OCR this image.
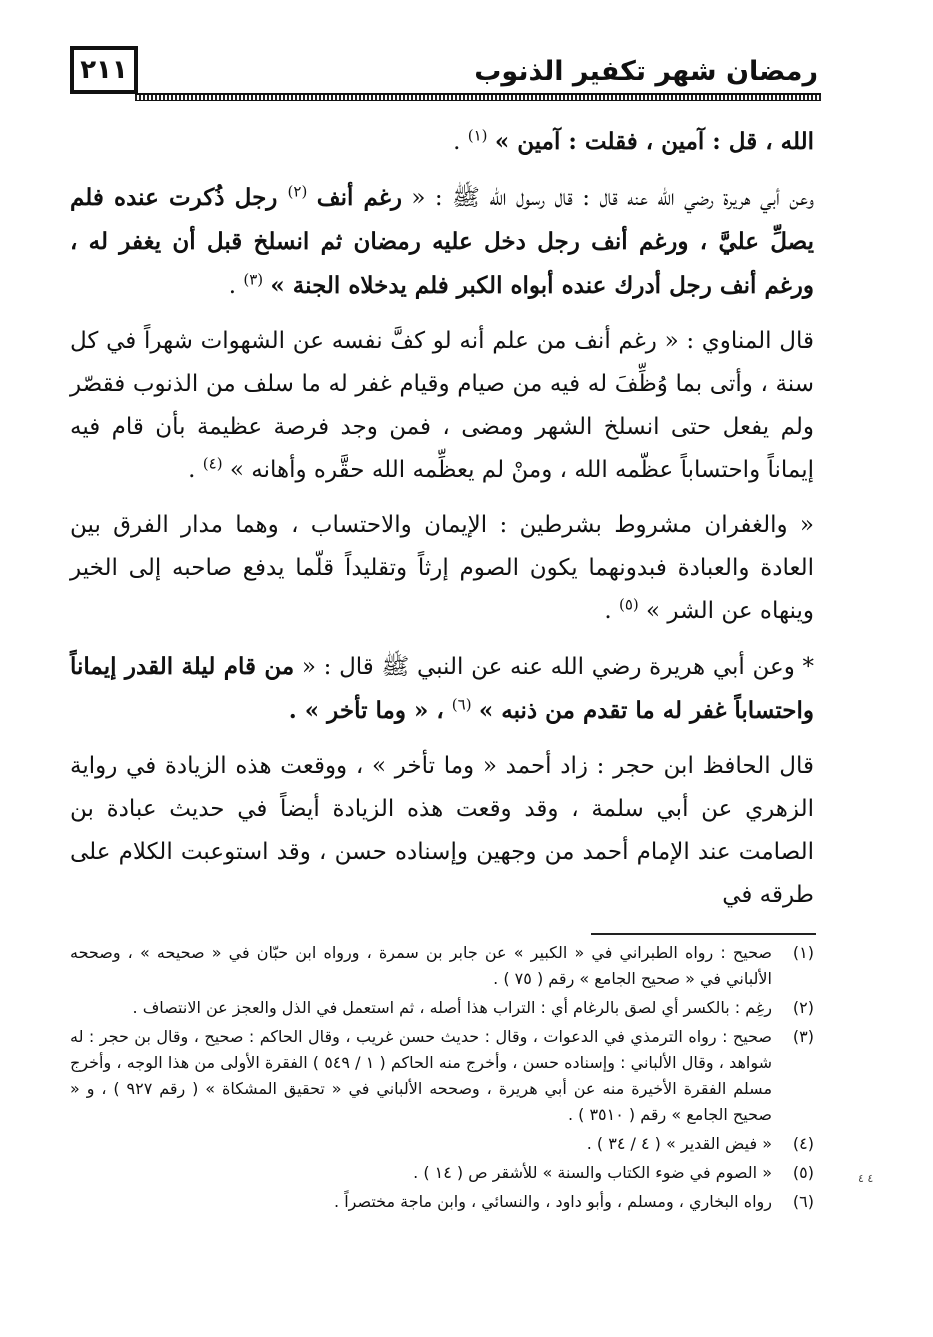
٢١١	رمضان شهر تكفير الذنوب

الله ، قل : آمين ، فقلت : آمين » $^{(١)}$ .

وعن أبي هريرة رضي الله عنه قال : قال رسول الله ﷺ : « رغم أنف $^{(٢)}$ رجل ذُكرت عنده فلم يصلِّ عليَّ ، ورغم أنف رجل دخل عليه رمضان ثم انسلخ قبل أن يغفر له ، ورغم أنف رجل أدرك عنده أبواه الكبر فلم يدخلاه الجنة » $^{(٣)}$ .

قال المناوي : « رغم أنف من علم أنه لو كفَّ نفسه عن الشهوات شهراً في كل سنة ، وأتى بما وُظِّفَ له فيه من صيام وقيام غفر له ما سلف من الذنوب فقصّر ولم يفعل حتى انسلخ الشهر ومضى ، فمن وجد فرصة عظيمة بأن قام فيه إيماناً واحتساباً عظّمه الله ، ومنْ لم يعظِّمه الله حقَّره وأهانه » $^{(٤)}$ .

« والغفران مشروط بشرطين : الإيمان والاحتساب ، وهما مدار الفرق بين العادة والعبادة فبدونهما يكون الصوم إرثاً وتقليداً قلّما يدفع صاحبه إلى الخير وينهاه عن الشر » $^{(٥)}$ .

* وعن أبي هريرة رضي الله عنه عن النبي ﷺ قال : « من قام ليلة القدر إيماناً واحتساباً غفر له ما تقدم من ذنبه » $^{(٦)}$ ، « وما تأخر » .

قال الحافظ ابن حجر : زاد أحمد « وما تأخر » ، ووقعت هذه الزيادة في رواية الزهري عن أبي سلمة ، وقد وقعت هذه الزيادة أيضاً في حديث عبادة بن الصامت عند الإمام أحمد من وجهين وإسناده حسن ، وقد استوعبت الكلام على طرقه في

(١)
صحيح : رواه الطبراني في « الكبير » عن جابر بن سمرة ، ورواه ابن حبّان في « صحيحه » ، وصححه الألباني في « صحيح الجامع » رقم ( ٧٥ ) .
(٢)
رغِم : بالكسر أي لصق بالرغام أي : التراب هذا أصله ، ثم استعمل في الذل والعجز عن الانتصاف .
(٣)
صحيح : رواه الترمذي في الدعوات ، وقال : حديث حسن غريب ، وقال الحاكم : صحيح ، وقال بن حجر : له شواهد ، وقال الألباني : وإسناده حسن ، وأخرج منه الحاكم ( ١ / ٥٤٩ ) الفقرة الأولى من هذا الوجه ، وأخرج مسلم الفقرة الأخيرة منه عن أبي هريرة ، وصححه الألباني في « تحقيق المشكاة » ( رقم ٩٢٧ ) ، و « صحيح الجامع » رقم ( ٣٥١٠ ) .
(٤)
« فيض القدير » ( ٤ / ٣٤ ) .
(٥)
« الصوم في ضوء الكتاب والسنة » للأشقر ص ( ١٤ ) .
(٦)
رواه البخاري ، ومسلم ، وأبو داود ، والنسائي ، وابن ماجة مختصراً .
٤ ٤
